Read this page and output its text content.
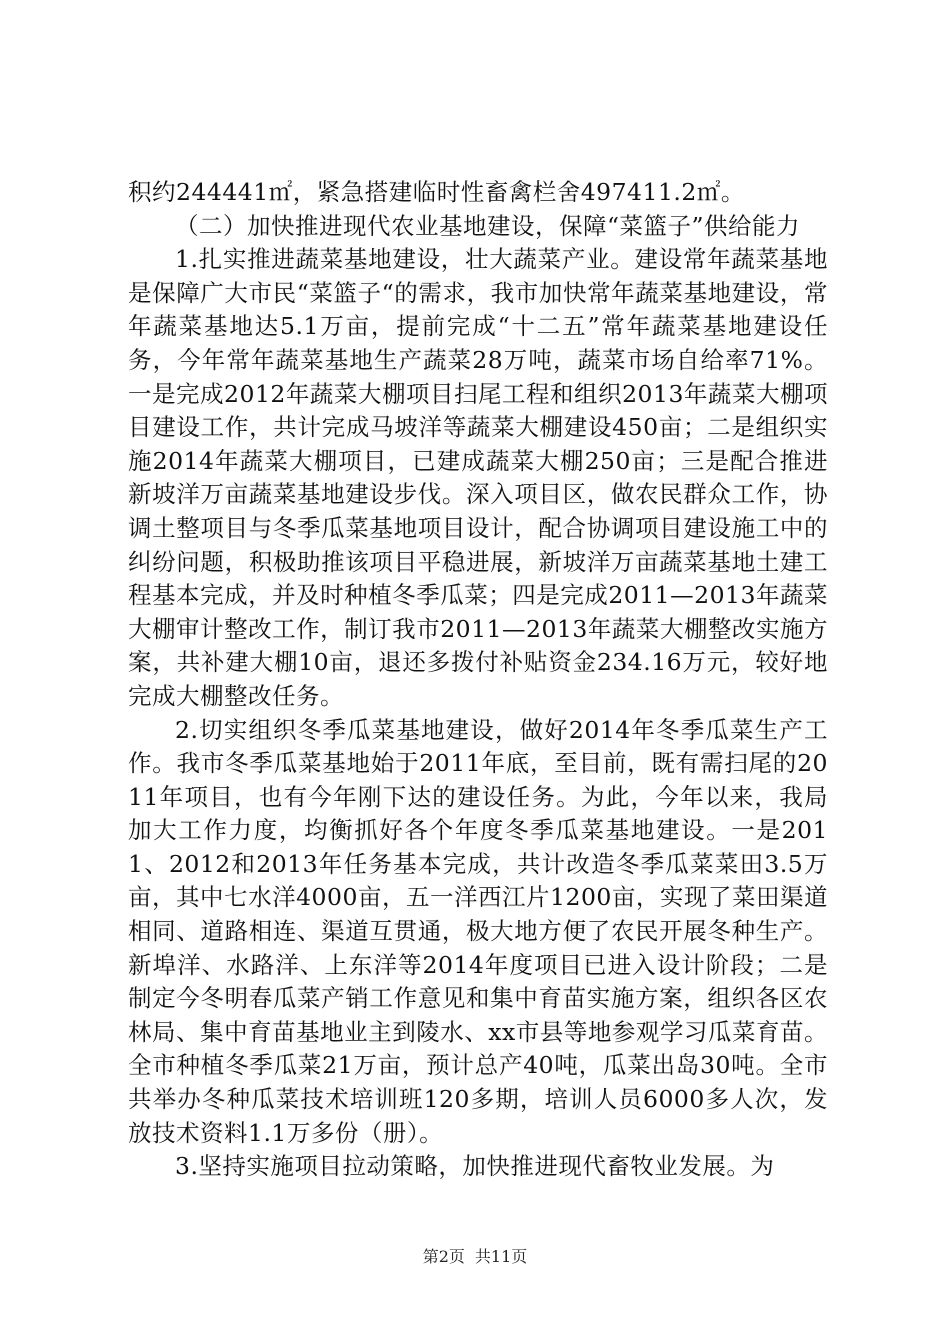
积约244441㎡，紧急搭建临时性畜禽栏舍497411.2㎡。

（二）加快推进现代农业基地建设，保障“菜篮子”供给能力

1.扎实推进蔬菜基地建设，壮大蔬菜产业。建设常年蔬菜基地是保障广大市民“菜篮子“的需求，我市加快常年蔬菜基地建设，常年蔬菜基地达5.1万亩，提前完成“十二五”常年蔬菜基地建设任务，今年常年蔬菜基地生产蔬菜28万吨，蔬菜市场自给率71%。一是完成2012年蔬菜大棚项目扫尾工程和组织2013年蔬菜大棚项目建设工作，共计完成马坡洋等蔬菜大棚建设450亩；二是组织实施2014年蔬菜大棚项目，已建成蔬菜大棚250亩；三是配合推进新坡洋万亩蔬菜基地建设步伐。深入项目区，做农民群众工作，协调土整项目与冬季瓜菜基地项目设计，配合协调项目建设施工中的纠纷问题，积极助推该项目平稳进展，新坡洋万亩蔬菜基地土建工程基本完成，并及时种植冬季瓜菜；四是完成2011—2013年蔬菜大棚审计整改工作，制订我市2011—2013年蔬菜大棚整改实施方案，共补建大棚10亩，退还多拨付补贴资金234.16万元，较好地完成大棚整改任务。

2.切实组织冬季瓜菜基地建设，做好2014年冬季瓜菜生产工作。我市冬季瓜菜基地始于2011年底，至目前，既有需扫尾的2011年项目，也有今年刚下达的建设任务。为此，今年以来，我局加大工作力度，均衡抓好各个年度冬季瓜菜基地建设。一是2011、2012和2013年任务基本完成，共计改造冬季瓜菜菜田3.5万亩，其中七水洋4000亩，五一洋西江片1200亩，实现了菜田渠道相同、道路相连、渠道互贯通，极大地方便了农民开展冬种生产。新埠洋、水路洋、上东洋等2014年度项目已进入设计阶段；二是制定今冬明春瓜菜产销工作意见和集中育苗实施方案，组织各区农林局、集中育苗基地业主到陵水、xx市县等地参观学习瓜菜育苗。全市种植冬季瓜菜21万亩，预计总产40吨，瓜菜出岛30吨。全市共举办冬种瓜菜技术培训班120多期，培训人员6000多人次，发放技术资料1.1万多份（册）。

3.坚持实施项目拉动策略，加快推进现代畜牧业发展。为

第2页 共11页
